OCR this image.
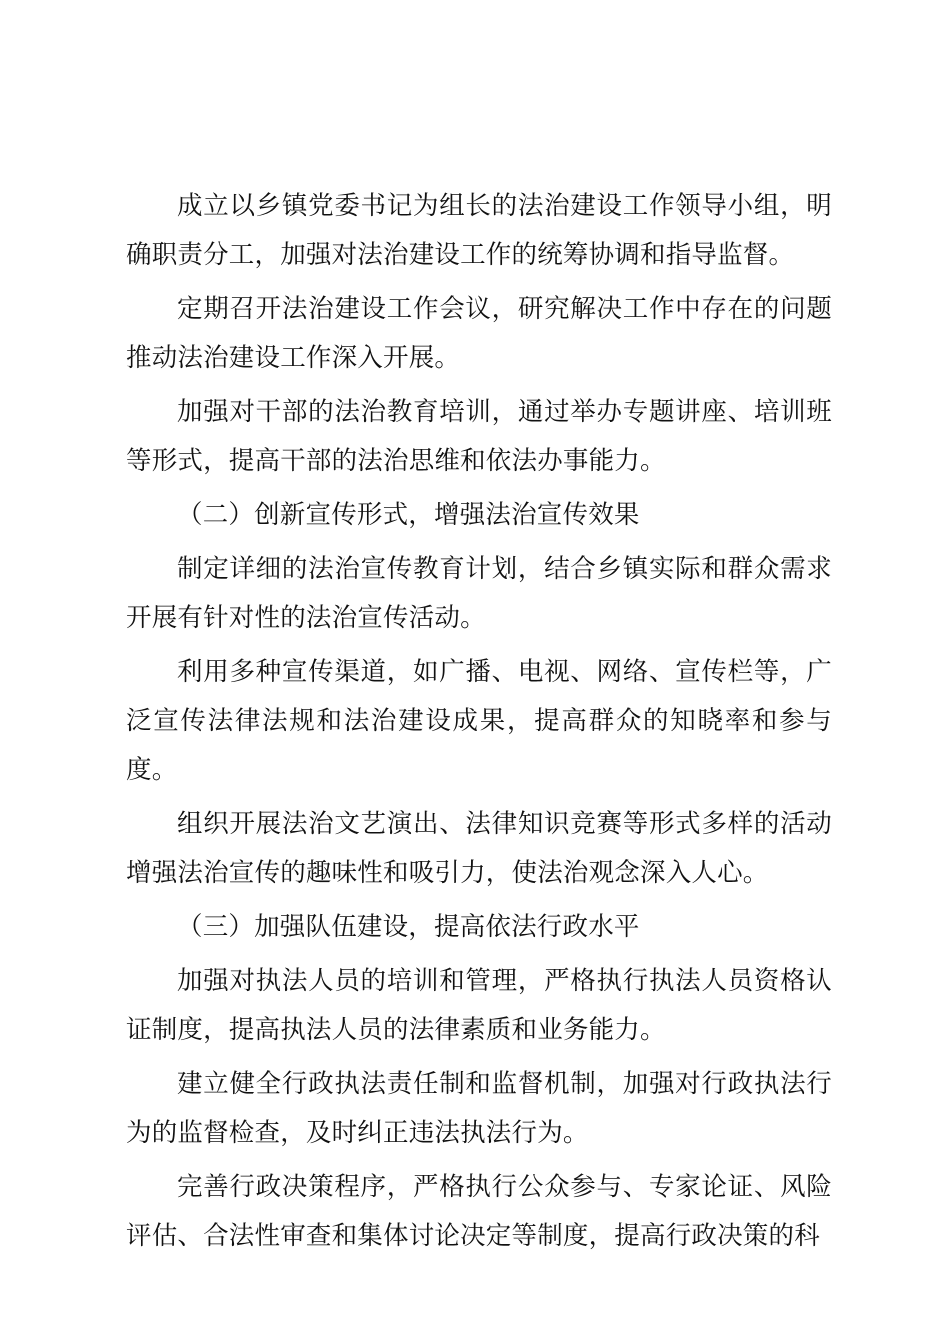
成立以乡镇党委书记为组长的法治建设工作领导小组，明确职责分工，加强对法治建设工作的统筹协调和指导监督。

定期召开法治建设工作会议，研究解决工作中存在的问题推动法治建设工作深入开展。

加强对干部的法治教育培训，通过举办专题讲座、培训班等形式，提高干部的法治思维和依法办事能力。

（二）创新宣传形式，增强法治宣传效果

制定详细的法治宣传教育计划，结合乡镇实际和群众需求开展有针对性的法治宣传活动。

利用多种宣传渠道，如广播、电视、网络、宣传栏等，广泛宣传法律法规和法治建设成果，提高群众的知晓率和参与度。

组织开展法治文艺演出、法律知识竞赛等形式多样的活动增强法治宣传的趣味性和吸引力，使法治观念深入人心。

（三）加强队伍建设，提高依法行政水平

加强对执法人员的培训和管理，严格执行执法人员资格认证制度，提高执法人员的法律素质和业务能力。

建立健全行政执法责任制和监督机制，加强对行政执法行为的监督检查，及时纠正违法执法行为。

完善行政决策程序，严格执行公众参与、专家论证、风险评估、合法性审查和集体讨论决定等制度，提高行政决策的科
